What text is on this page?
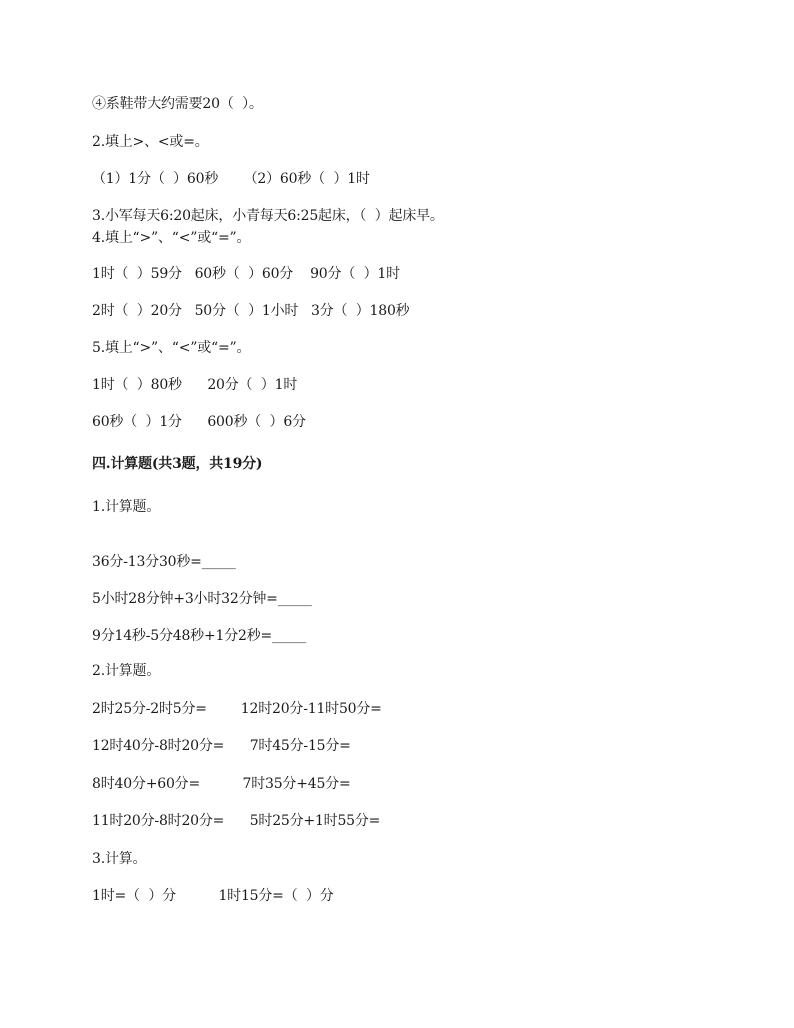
④系鞋带大约需要20（  ）。
2.填上>、<或=。
（1）1分（  ）60秒      （2）60秒（  ）1时
3.小军每天6:20起床，小青每天6:25起床，（  ）起床早。
4.填上“>”、“<”或“=”。
1时（  ）59分   60秒（  ）60分    90分（  ）1时
2时（  ）20分   50分（  ）1小时   3分（  ）180秒
5.填上“>”、“<”或“=”。
1时（  ）80秒      20分（  ）1时
60秒（  ）1分      600秒（  ）6分
四.计算题(共3题，共19分)
1.计算题。
36分-13分30秒=_____
5小时28分钟+3小时32分钟=_____
9分14秒-5分48秒+1分2秒=_____
2.计算题。
2时25分-2时5分=        12时20分-11时50分=
12时40分-8时20分=      7时45分-15分=
8时40分+60分=          7时35分+45分=
11时20分-8时20分=      5时25分+1时55分=
3.计算。
1时=（  ）分          1时15分=（  ）分
